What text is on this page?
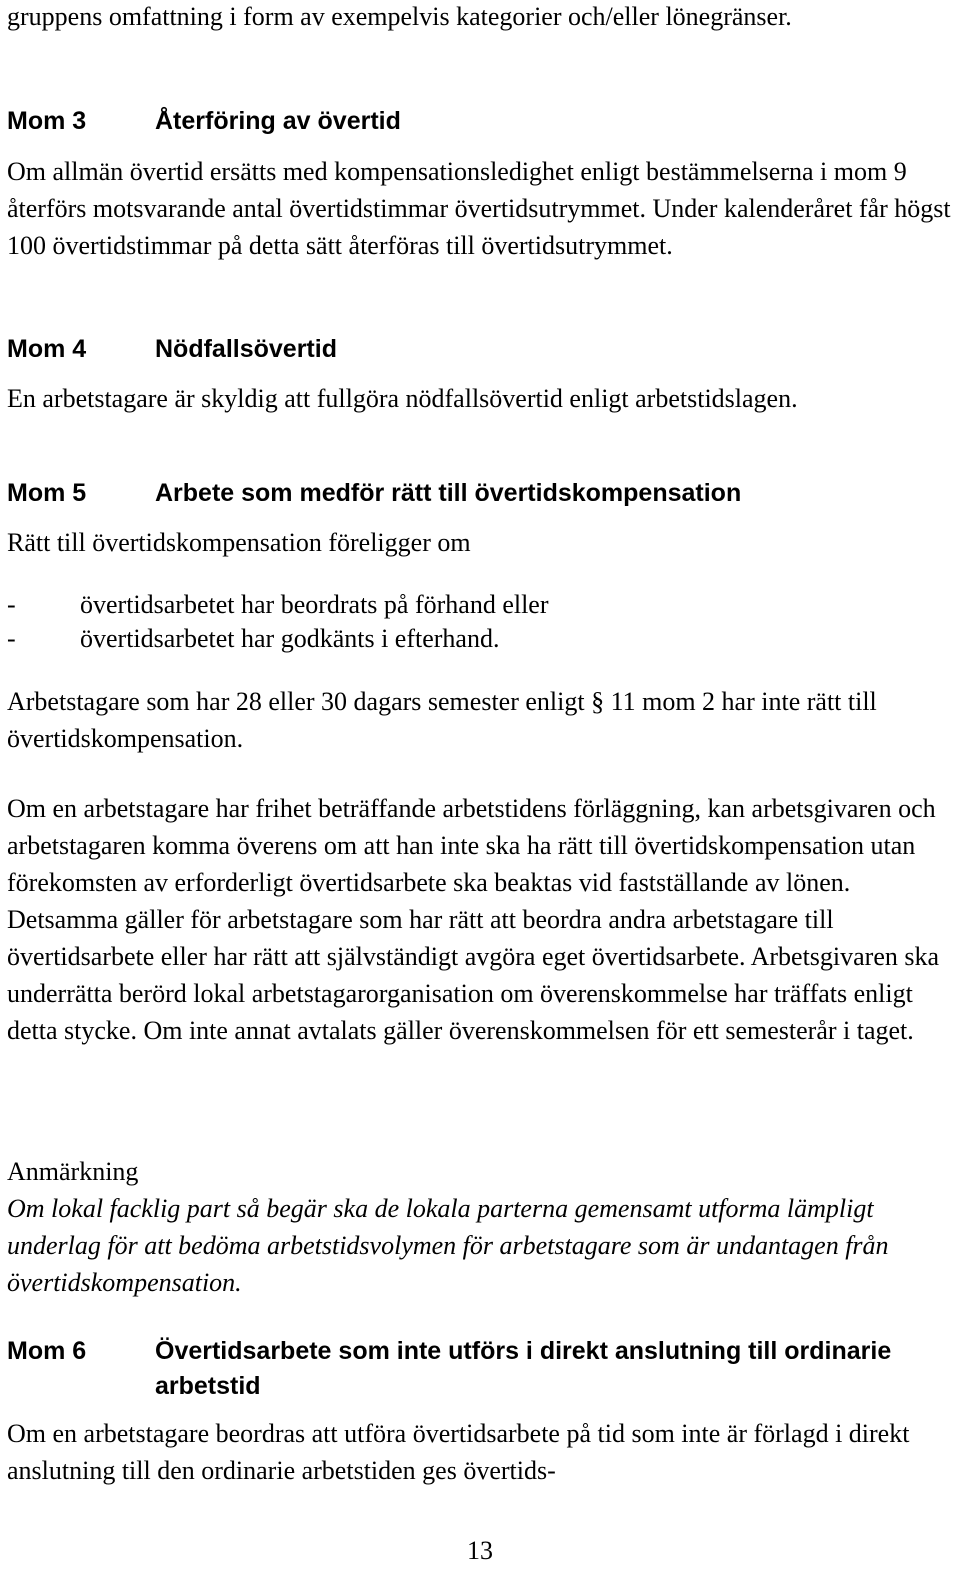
gruppens omfattning i form av exempelvis kategorier och/eller lönegränser.

Mom 3	Återföring av övertid

Om allmän övertid ersätts med kompensationsledighet enligt bestämmelserna i mom 9 återförs motsvarande antal övertidstimmar övertidsutrymmet. Under kalenderåret får högst 100 övertidstimmar på detta sätt återföras till övertidsutrymmet.

Mom 4	Nödfallsövertid

En arbetstagare är skyldig att fullgöra nödfallsövertid enligt arbetstidslagen.

Mom 5	Arbete som medför rätt till övertidskompensation

Rätt till övertidskompensation föreligger om

- övertidsarbetet har beordrats på förhand eller
- övertidsarbetet har godkänts i efterhand.

Arbetstagare som har 28 eller 30 dagars semester enligt § 11 mom 2 har inte rätt till övertidskompensation.

Om en arbetstagare har frihet beträffande arbetstidens förläggning, kan arbetsgivaren och arbetstagaren komma överens om att han inte ska ha rätt till övertidskompensation utan förekomsten av erforderligt övertidsarbete ska beaktas vid fastställande av lönen. Detsamma gäller för arbetstagare som har rätt att beordra andra arbetstagare till övertidsarbete eller har rätt att självständigt avgöra eget övertidsarbete. Arbetsgivaren ska underrätta berörd lokal arbetstagarorganisation om överenskommelse har träffats enligt detta stycke. Om inte annat avtalats gäller överenskommelsen för ett semesterår i taget.

Anmärkning

Om lokal facklig part så begär ska de lokala parterna gemensamt utforma lämpligt underlag för att bedöma arbetstidsvolymen för arbetstagare som är undantagen från övertidskompensation.

Mom 6	Övertidsarbete som inte utförs i direkt anslutning till ordinarie arbetstid

Om en arbetstagare beordras att utföra övertidsarbete på tid som inte är förlagd i direkt anslutning till den ordinarie arbetstiden ges övertids-

13
